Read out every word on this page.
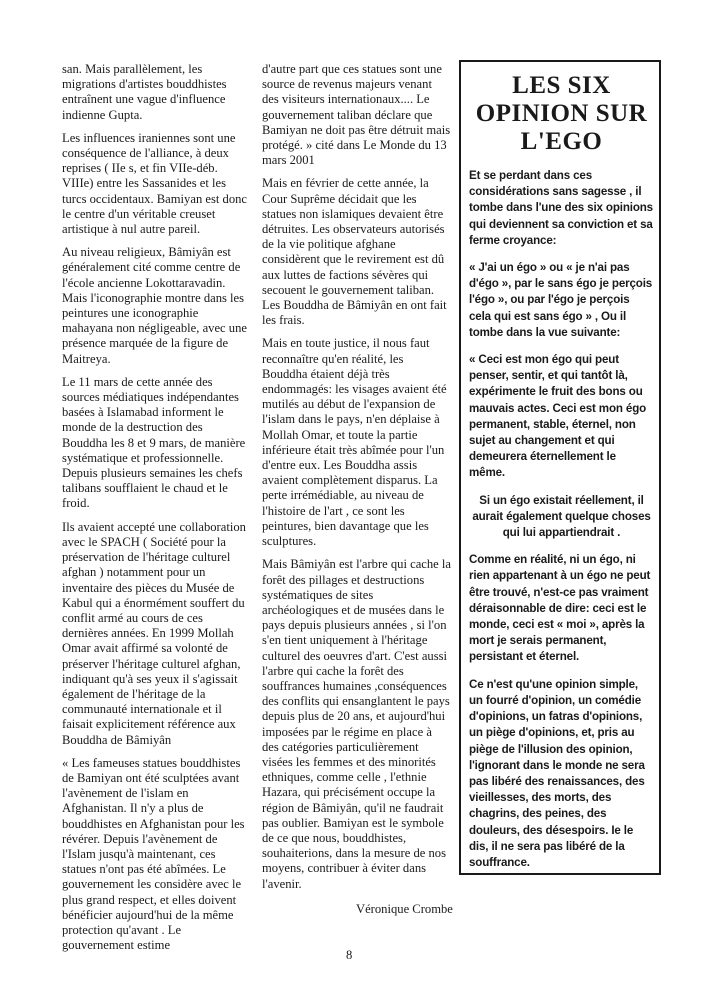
san. Mais parallèlement, les migrations d'artistes bouddhistes entraînent une vague d'influence indienne Gupta.

Les influences iraniennes sont une conséquence de l'alliance, à deux reprises ( IIe s, et fin VIIe-déb. VIIIe) entre les Sassanides et les turcs occidentaux. Bamiyan est donc le centre d'un véritable creuset artistique à nul autre pareil.

Au niveau religieux, Bâmiyân est généralement cité comme centre de l'école ancienne Lokottaravadin. Mais l'iconographie montre dans les peintures une iconographie mahayana non négligeable, avec une présence marquée de la figure de Maitreya.

Le 11 mars de cette année des sources médiatiques indépendantes basées à Islamabad informent le monde de la destruction des Bouddha les 8 et 9 mars, de manière systématique et professionnelle. Depuis plusieurs semaines les chefs talibans soufflaient le chaud et le froid.

Ils avaient accepté une collaboration avec le SPACH ( Société pour la préservation de l'héritage culturel afghan ) notamment pour un inventaire des pièces du Musée de Kabul qui a énormément souffert du conflit armé au cours de ces dernières années. En 1999 Mollah Omar avait affirmé sa volonté de préserver l'héritage culturel afghan, indiquant qu'à ses yeux il s'agissait également de l'héritage de la communauté internationale et il faisait explicitement référence aux Bouddha de Bâmiyân

« Les fameuses statues bouddhistes de Bamiyan ont été sculptées avant l'avènement de l'islam en Afghanistan. Il n'y a plus de bouddhistes en Afghanistan pour les révérer. Depuis l'avènement de l'Islam jusqu'à maintenant, ces statues n'ont pas été abîmées. Le gouvernement les considère avec le plus grand respect, et elles doivent bénéficier aujourd'hui de la même protection qu'avant . Le gouvernement estime

d'autre part que ces statues sont une source de revenus majeurs venant des visiteurs internationaux.... Le gouvernement taliban déclare que Bamiyan ne doit pas être détruit mais protégé. » cité dans Le Monde du 13 mars 2001

Mais en février de cette année, la Cour Suprême décidait que les statues non islamiques devaient être détruites. Les observateurs autorisés de la vie politique afghane considèrent que le revirement est dû aux luttes de factions sévères qui secouent le gouvernement taliban. Les Bouddha de Bâmiyân en ont fait les frais.

Mais en toute justice, il nous faut reconnaître qu'en réalité, les Bouddha étaient déjà très endommagés: les visages avaient été mutilés au début de l'expansion de l'islam dans le pays, n'en déplaise à Mollah Omar, et toute la partie inférieure était très abîmée pour l'un d'entre eux. Les Bouddha assis avaient complètement disparus. La perte irrémédiable, au niveau de l'histoire de l'art , ce sont les peintures, bien davantage que les sculptures.

Mais Bâmiyân est l'arbre qui cache la forêt des pillages et destructions systématiques de sites archéologiques et de musées dans le pays depuis plusieurs années , si l'on s'en tient uniquement à l'héritage culturel des oeuvres d'art. C'est aussi l'arbre qui cache la forêt des souffrances humaines ,conséquences des conflits qui ensanglantent le pays depuis plus de 20 ans, et aujourd'hui imposées par le régime en place à des catégories particulièrement visées les femmes et des minorités ethniques, comme celle , l'ethnie Hazara, qui précisément occupe la région de Bâmiyân, qu'il ne faudrait pas oublier. Bamiyan est le symbole de ce que nous, bouddhistes, souhaiterions, dans la mesure de nos moyens, contribuer à éviter dans l'avenir.

Véronique Crombe
8
LES SIX
OPINION SUR
L'EGO

Et se perdant dans ces considérations sans sagesse , il tombe dans l'une des six opinions qui deviennent sa conviction et sa ferme croyance:

« J'ai un égo » ou « je n'ai pas d'égo », par le sans égo je perçois l'égo », ou par l'égo je perçois cela qui est sans égo » , Ou il tombe dans la vue suivante:

« Ceci est mon égo qui peut penser, sentir, et qui tantôt là, expérimente le fruit des bons ou mauvais actes. Ceci est mon égo permanent, stable, éternel, non sujet au changement et qui demeurera éternellement le même.

Si un égo existait réellement, il aurait également quelque choses qui lui appartiendrait .

Comme en réalité, ni un égo, ni rien appartenant à un égo ne peut être trouvé, n'est-ce pas vraiment déraisonnable de dire: ceci est le monde, ceci est « moi », après la mort je serais permanent, persistant et éternel.

Ce n'est qu'une opinion simple, un fourré d'opinion, un comédie d'opinions, un fatras d'opinions, un piège d'opinions, et, pris au piège de l'illusion des opinion, l'ignorant dans le monde ne sera pas libéré des renaissances, des vieillesses, des morts, des chagrins, des peines, des douleurs, des désespoirs. Ie le dis, il ne sera pas libéré de la souffrance.
